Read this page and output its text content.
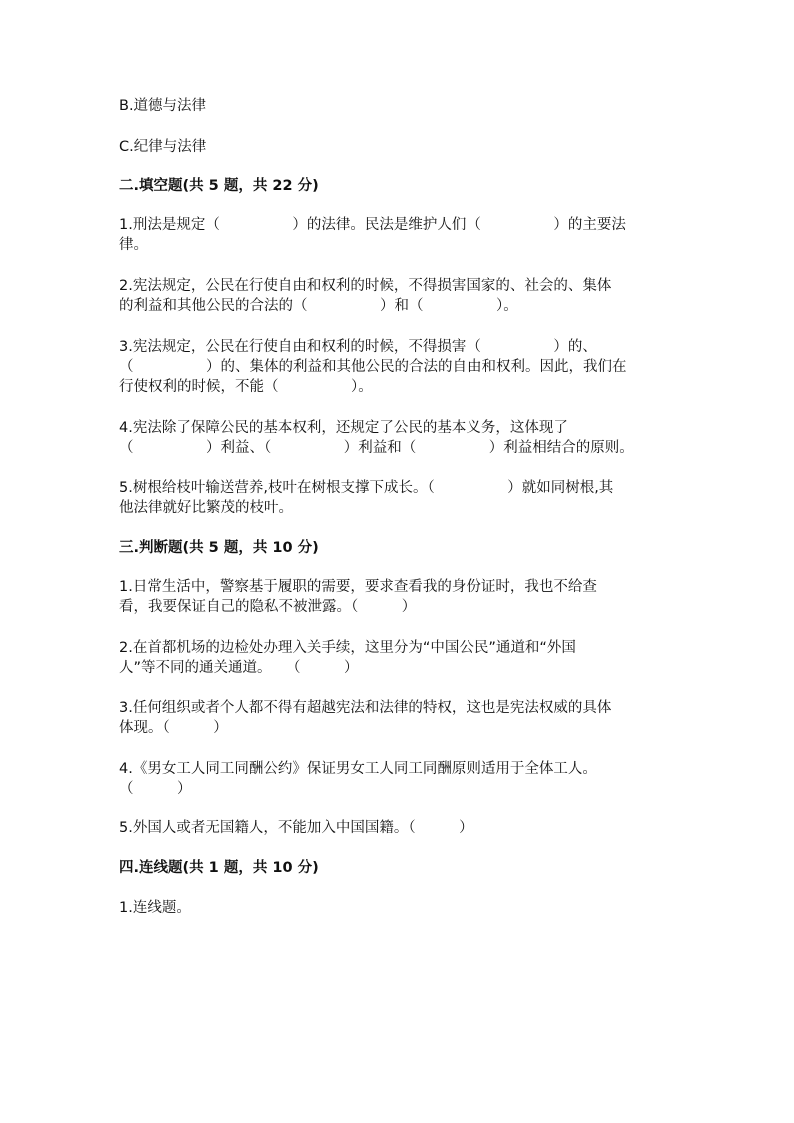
B.道德与法律
C.纪律与法律
二.填空题(共 5 题，共 22 分)
1.刑法是规定（　　　　　）的法律。民法是维护人们（　　　　　）的主要法
律。
2.宪法规定，公民在行使自由和权利的时候，不得损害国家的、社会的、集体
的利益和其他公民的合法的（　　　　　）和（　　　　　）。
3.宪法规定，公民在行使自由和权利的时候，不得损害（　　　　　）的、
（　　　　　）的、集体的利益和其他公民的合法的自由和权利。因此，我们在
行使权利的时候，不能（　　　　　）。
4.宪法除了保障公民的基本权利，还规定了公民的基本义务，这体现了
（　　　　　）利益、（　　　　　）利益和（　　　　　）利益相结合的原则。
5.树根给枝叶输送营养,枝叶在树根支撑下成长。（　　　　　）就如同树根,其
他法律就好比繁茂的枝叶。
三.判断题(共 5 题，共 10 分)
1.日常生活中，警察基于履职的需要，要求查看我的身份证时，我也不给查
看，我要保证自己的隐私不被泄露。（　　　）
2.在首都机场的边检处办理入关手续，这里分为“中国公民”通道和“外国
人”等不同的通关通道。　　（　　　）
3.任何组织或者个人都不得有超越宪法和法律的特权，这也是宪法权威的具体
体现。（　　　）
4.《男女工人同工同酬公约》保证男女工人同工同酬原则适用于全体工人。
（　　　）
5.外国人或者无国籍人，不能加入中国国籍。（　　　）
四.连线题(共 1 题，共 10 分)
1.连线题。
